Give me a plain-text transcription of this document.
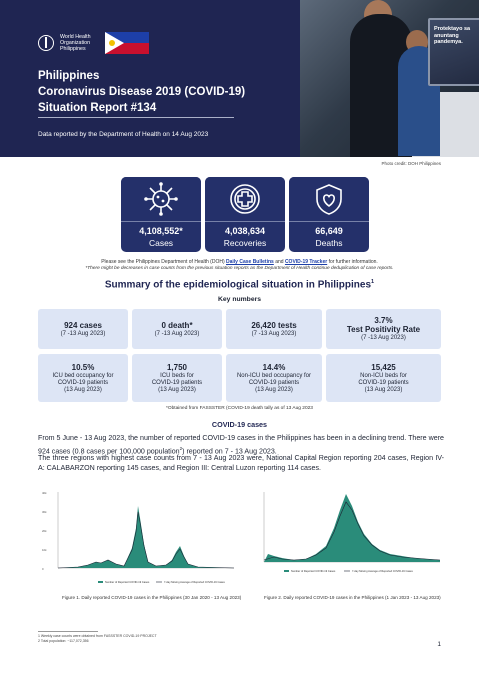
World Health
Organization
Philippines
Philippines
Coronavirus Disease 2019 (COVID-19)
Situation Report #134
Data reported by the Department of Health on 14 Aug 2023
Protektayo sa
anuntang
pandemya.
Photo credit: DOH Philippines
4,108,552*
Cases
4,038,634
Recoveries
66,649
Deaths
Please see the Philippines Department of Health (DOH) Daily Case Bulletins and COVID-19 Tracker for further information.
*There might be decreases in case counts from the previous situation reports as the Department of Health continue deduplication of case reports.
Summary of the epidemiological situation in Philippines$^1$
Key numbers
924 cases
(7 -13 Aug 2023)
0 death*
(7 -13 Aug 2023)
26,420 tests
(7 -13 Aug 2023)
3.7%
Test Positivity Rate
(7 -13 Aug 2023)
10.5%
ICU bed occupancy for
COVID-19 patients
(13 Aug 2023)
1,750
ICU beds for
COVID-19 patients
(13 Aug 2023)
14.4%
Non-ICU bed occupancy for
COVID-19 patients
(13 Aug 2023)
15,425
Non-ICU beds for
COVID-19 patients
(13 Aug 2023)
*Obtained from FASSSTER (COVID-19 death tally as of 13 Aug 2023
COVID-19 cases
From 5 June - 13 Aug 2023, the number of reported COVID-19 cases in the Philippines has been in a declining trend. There were 924 cases (0.8 cases per 100,000 population$^2$) reported on 7 - 13 Aug 2023.
The three regions with highest case counts from 7 - 13 Aug 2023 were, National Capital Region reporting 204 cases, Region IV-A: CALABARZON reporting 145 cases, and Region III: Central Luzon reporting 114 cases.
0
10k
20k
30k
40k
Number of Reported COVID-19 Cases	7-day Moving Average of Reported COVID-19 Cases
Figure 1. Daily reported COVID-19 cases in the Philippines (30 Jan 2020 - 13 Aug 2023)
Number of Reported COVID-19 Cases	7-day Moving Average of Reported COVID-19 Cases
Figure 2. Daily reported COVID-19 cases in the Philippines (1 Jan 2023 - 13 Aug 2023)
1 Weekly case counts were obtained from FASSSTER COVID-19 PROJECT
2 Total population: ~117,072,356	1
